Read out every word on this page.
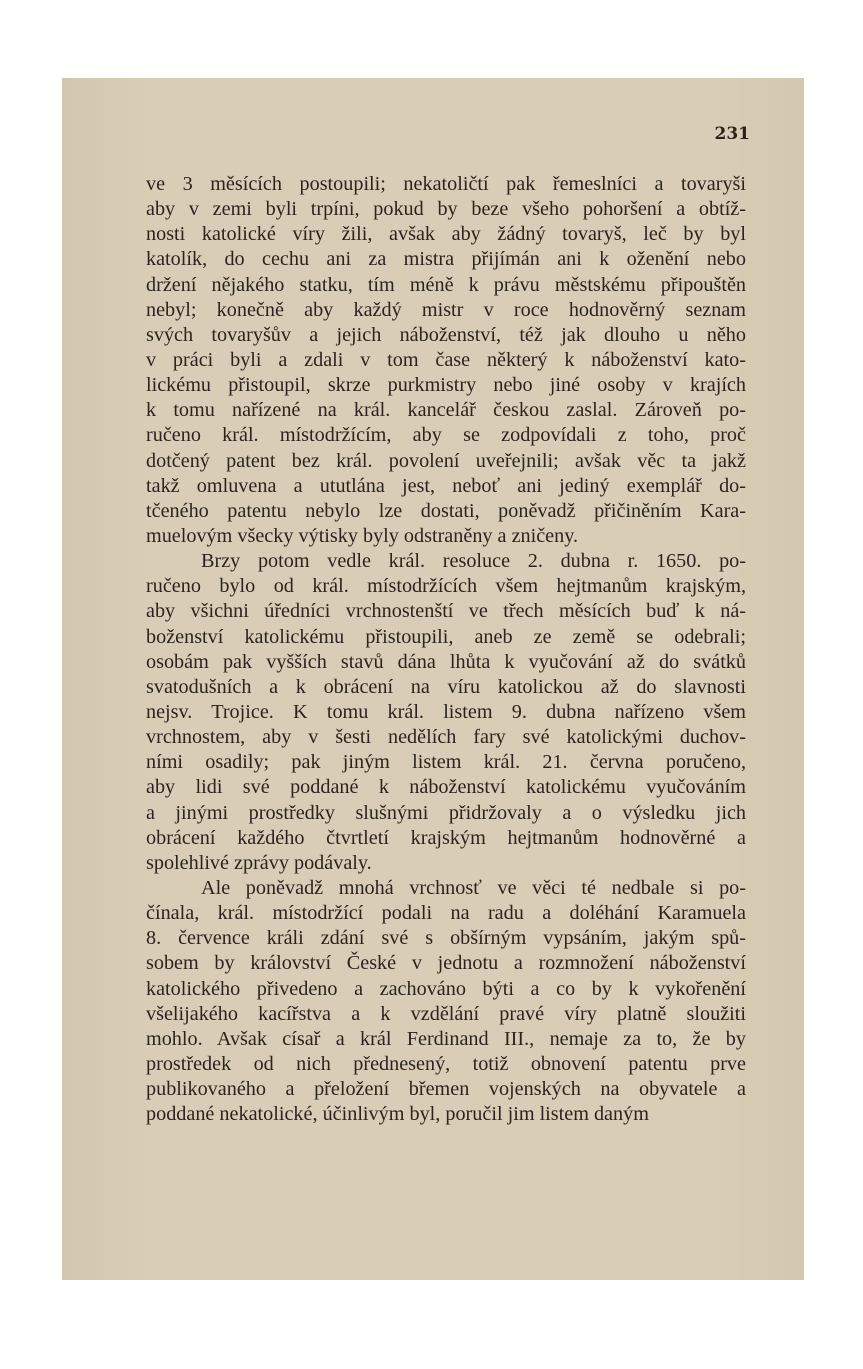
231
ve 3 měsících postoupili; nekatoličtí pak řemeslníci a tovaryši
aby v zemi byli trpíni, pokud by beze všeho pohoršení a obtíž-
nosti katolické víry žili, avšak aby žádný tovaryš, leč by byl
katolík, do cechu ani za mistra přijímán ani k oženění nebo
držení nějakého statku, tím méně k právu městskému připouštěn
nebyl; konečně aby každý mistr v roce hodnověrný seznam
svých tovaryšův a jejich náboženství, též jak dlouho u něho
v práci byli a zdali v tom čase některý k náboženství kato-
lickému přistoupil, skrze purkmistry nebo jiné osoby v krajích
k tomu nařízené na král. kancelář českou zaslal. Zároveň po-
ručeno král. místodržícím, aby se zodpovídali z toho, proč
dotčený patent bez král. povolení uveřejnili; avšak věc ta jakž
takž omluvena a ututlána jest, neboť ani jediný exemplář do-
tčeného patentu nebylo lze dostati, poněvadž přičiněním Kara-
muelovým všecky výtisky byly odstraněny a zničeny.
Brzy potom vedle král. resoluce 2. dubna r. 1650. po-
ručeno bylo od král. místodržících všem hejtmanům krajským,
aby všichni úředníci vrchnostenští ve třech měsících buď k ná-
boženství katolickému přistoupili, aneb ze země se odebrali;
osobám pak vyšších stavů dána lhůta k vyučování až do svátků
svatodušních a k obrácení na víru katolickou až do slavnosti
nejsv. Trojice. K tomu král. listem 9. dubna nařízeno všem
vrchnostem, aby v šesti nedělích fary své katolickými duchov-
ními osadily; pak jiným listem král. 21. června poručeno,
aby lidi své poddané k náboženství katolickému vyučováním
a jinými prostředky slušnými přidržovaly a o výsledku jich
obrácení každého čtvrtletí krajským hejtmanům hodnověrné a
spolehlivé zprávy podávaly.
Ale poněvadž mnohá vrchnosť ve věci té nedbale si po-
čínala, král. místodržící podali na radu a doléhání Karamuela
8. července králi zdání své s obšírným vypsáním, jakým spů-
sobem by království České v jednotu a rozmnožení náboženství
katolického přivedeno a zachováno býti a co by k vykořenění
všelijakého kacířstva a k vzdělání pravé víry platně sloužiti
mohlo. Avšak císař a král Ferdinand III., nemaje za to, že by
prostředek od nich přednesený, totiž obnovení patentu prve
publikovaného a přeložení břemen vojenských na obyvatele a
poddané nekatolické, účinlivým byl, poručil jim listem daným
